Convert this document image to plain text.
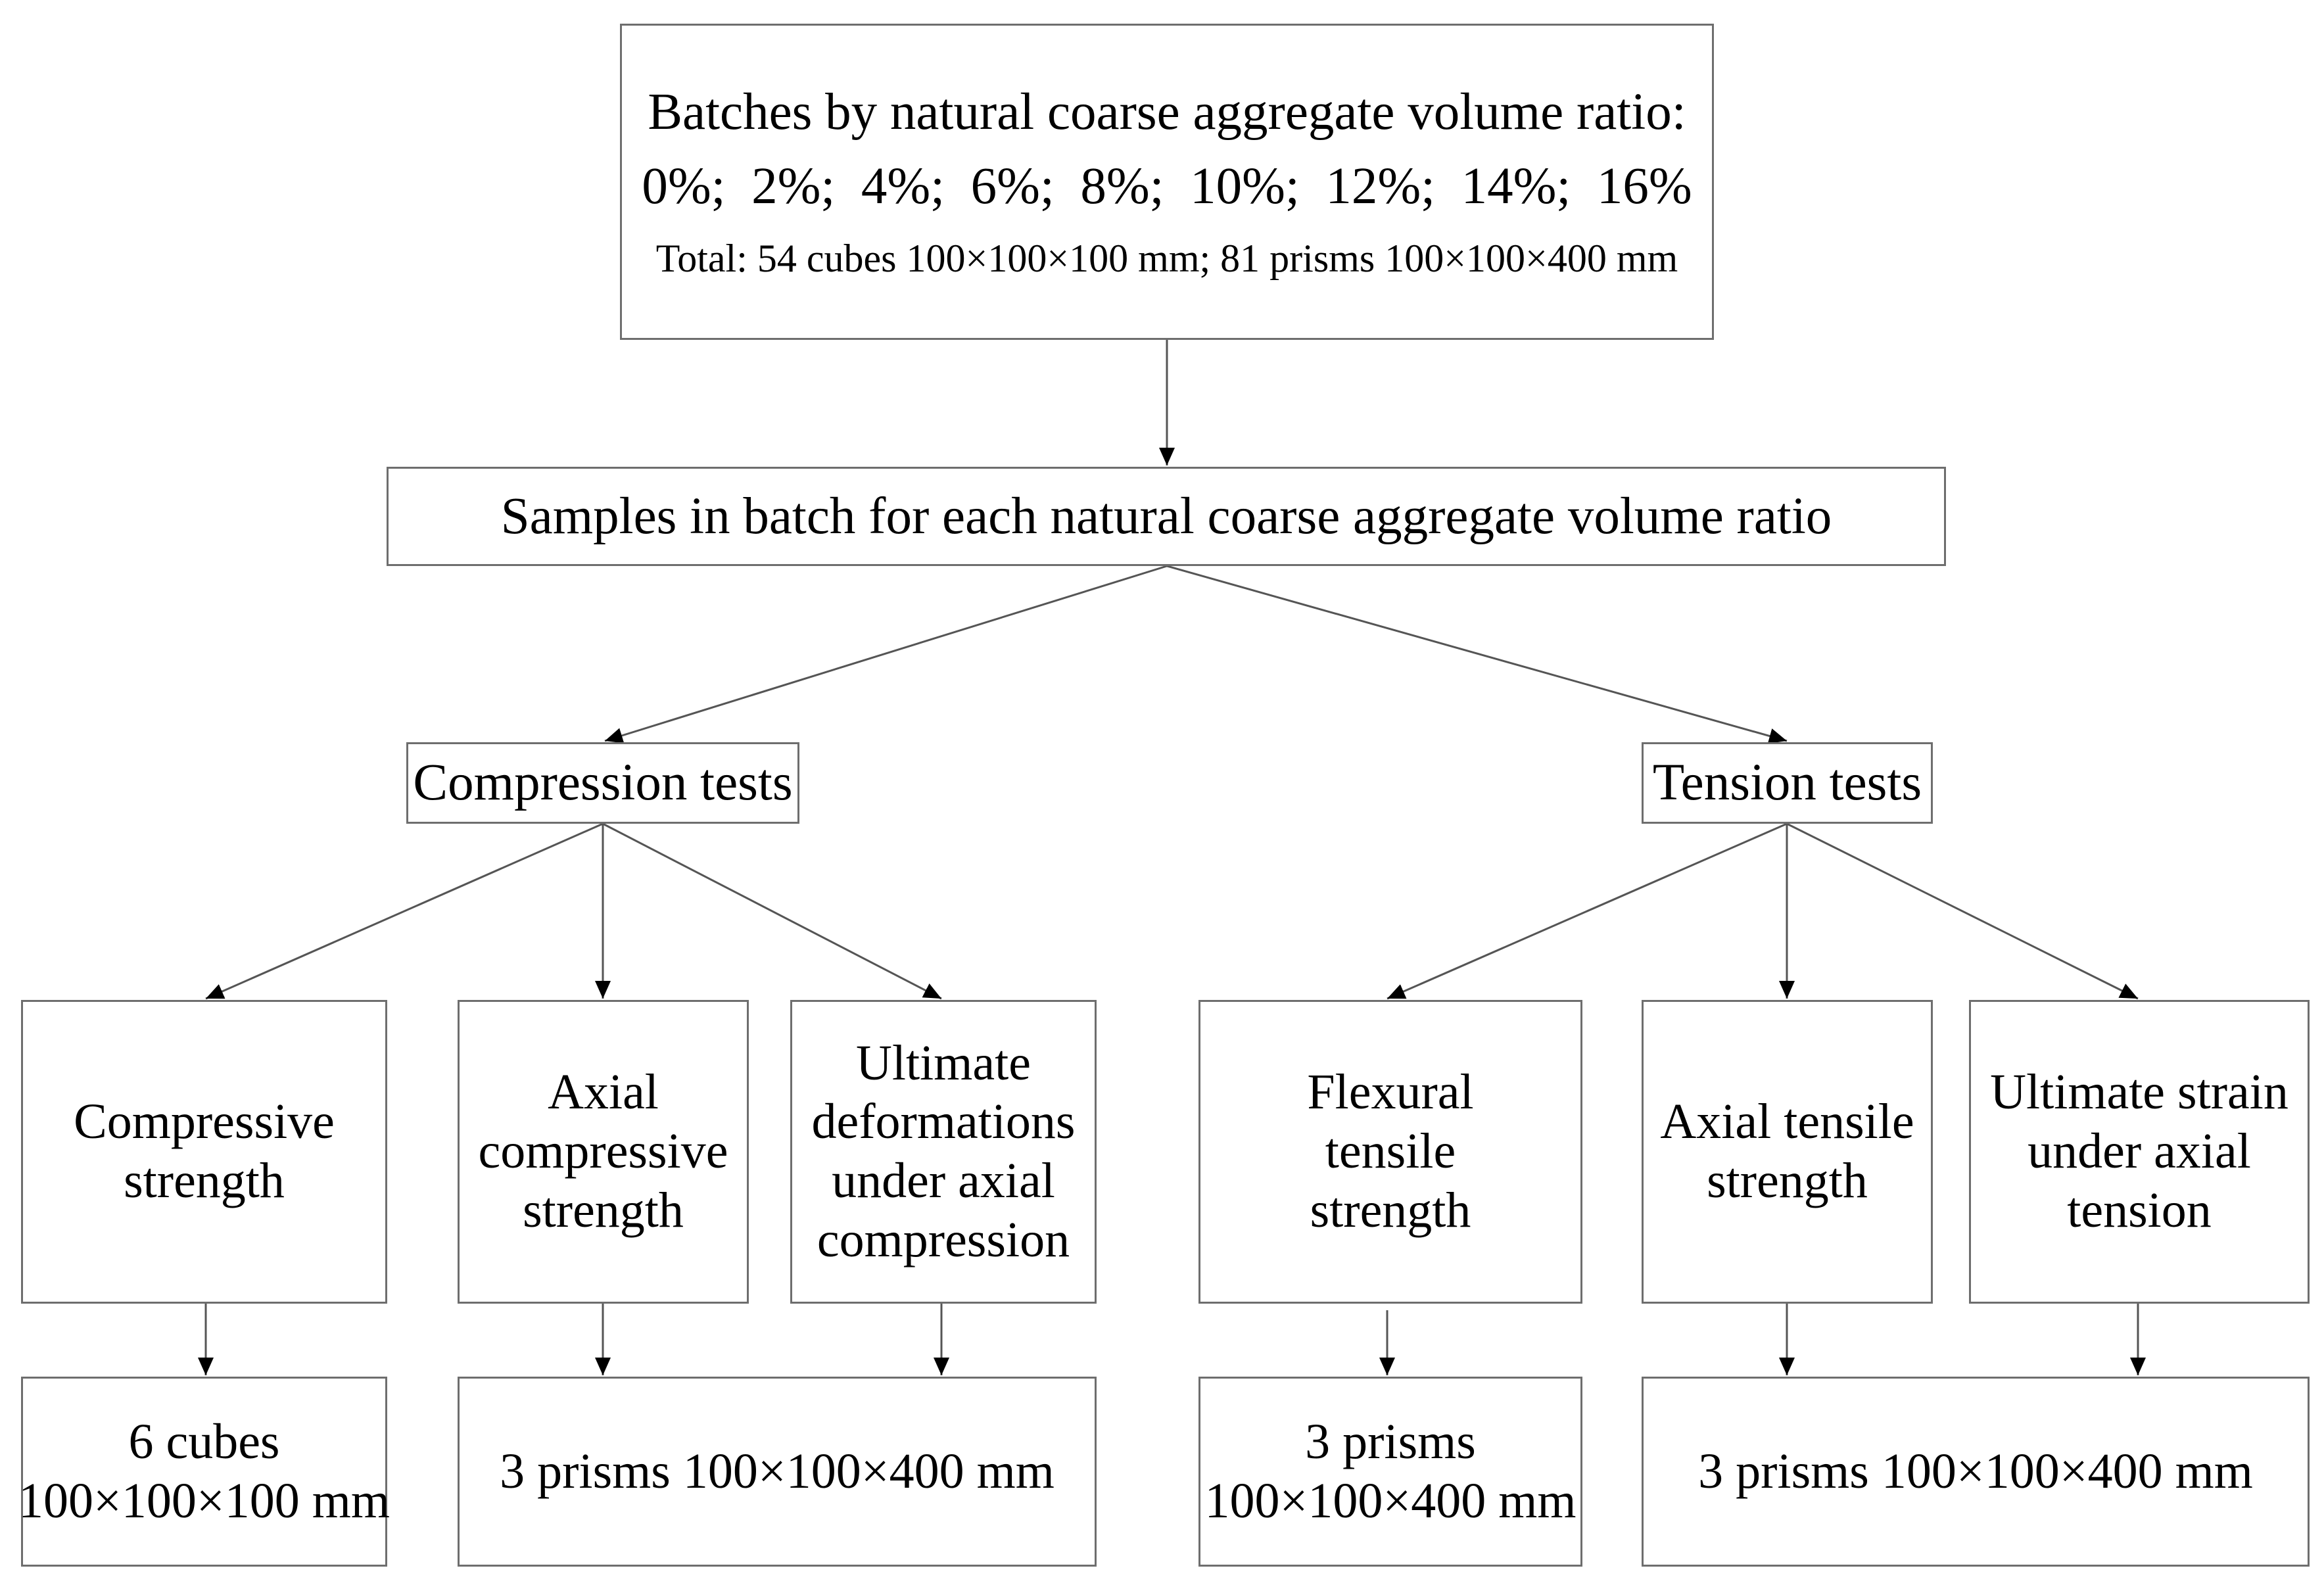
Batches by natural coarse aggregate volume ratio:
0%;  2%;  4%;  6%;  8%;  10%;  12%;  14%;  16%
Total: 54 cubes 100×100×100 mm; 81 prisms 100×100×400 mm
Samples in batch for each natural coarse aggregate volume ratio
Compression tests	Tension tests
Compressive
strength
Axial
compressive
strength
Ultimate
deformations
under axial
compression
Flexural
tensile
strength
Axial tensile
strength
Ultimate strain
under axial
tension
6 cubes
100×100×100 mm
3 prisms 100×100×400 mm
3 prisms
100×100×400 mm
3 prisms 100×100×400 mm
